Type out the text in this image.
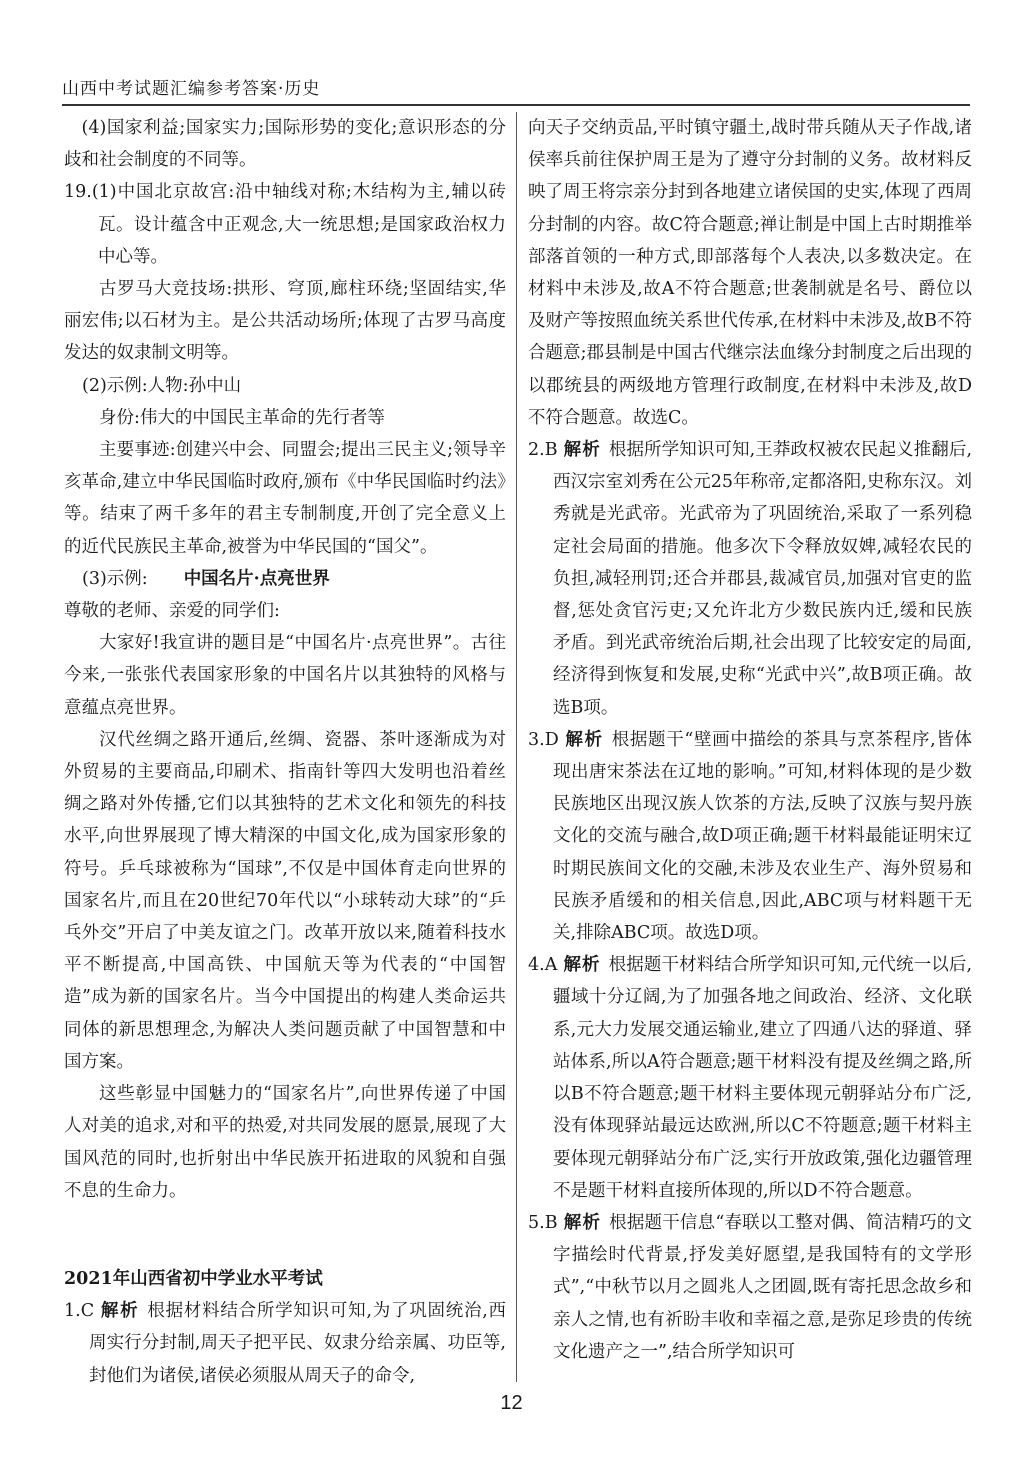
山西中考试题汇编参考答案·历史

(4)国家利益;国家实力;国际形势的变化;意识形态的分歧和社会制度的不同等。

19.(1)中国北京故宫:沿中轴线对称;木结构为主,辅以砖瓦。设计蕴含中正观念,大一统思想;是国家政治权力中心等。

古罗马大竞技场:拱形、穹顶,廊柱环绕;坚固结实,华丽宏伟;以石材为主。是公共活动场所;体现了古罗马高度发达的奴隶制文明等。

(2)示例:人物:孙中山

身份:伟大的中国民主革命的先行者等

主要事迹:创建兴中会、同盟会;提出三民主义;领导辛亥革命,建立中华民国临时政府,颁布《中华民国临时约法》等。结束了两千多年的君主专制制度,开创了完全意义上的近代民族民主革命,被誉为中华民国的“国父”。

(3)示例: 中国名片·点亮世界

尊敬的老师、亲爱的同学们:

大家好!我宣讲的题目是“中国名片·点亮世界”。古往今来,一张张代表国家形象的中国名片以其独特的风格与意蕴点亮世界。

汉代丝绸之路开通后,丝绸、瓷器、茶叶逐渐成为对外贸易的主要商品,印刷术、指南针等四大发明也沿着丝绸之路对外传播,它们以其独特的艺术文化和领先的科技水平,向世界展现了博大精深的中国文化,成为国家形象的符号。乒乓球被称为“国球”,不仅是中国体育走向世界的国家名片,而且在20世纪70年代以“小球转动大球”的“乒乓外交”开启了中美友谊之门。改革开放以来,随着科技水平不断提高,中国高铁、中国航天等为代表的“中国智造”成为新的国家名片。当今中国提出的构建人类命运共同体的新思想理念,为解决人类问题贡献了中国智慧和中国方案。

这些彰显中国魅力的“国家名片”,向世界传递了中国人对美的追求,对和平的热爱,对共同发展的愿景,展现了大国风范的同时,也折射出中华民族开拓进取的风貌和自强不息的生命力。

2021年山西省初中学业水平考试

1.C 解析 根据材料结合所学知识可知,为了巩固统治,西周实行分封制,周天子把平民、奴隶分给亲属、功臣等,封他们为诸侯,诸侯必须服从周天子的命令,

向天子交纳贡品,平时镇守疆土,战时带兵随从天子作战,诸侯率兵前往保护周王是为了遵守分封制的义务。故材料反映了周王将宗亲分封到各地建立诸侯国的史实,体现了西周分封制的内容。故C符合题意;禅让制是中国上古时期推举部落首领的一种方式,即部落每个人表决,以多数决定。在材料中未涉及,故A不符合题意;世袭制就是名号、爵位以及财产等按照血统关系世代传承,在材料中未涉及,故B不符合题意;郡县制是中国古代继宗法血缘分封制度之后出现的以郡统县的两级地方管理行政制度,在材料中未涉及,故D不符合题意。故选C。

2.B 解析 根据所学知识可知,王莽政权被农民起义推翻后,西汉宗室刘秀在公元25年称帝,定都洛阳,史称东汉。刘秀就是光武帝。光武帝为了巩固统治,采取了一系列稳定社会局面的措施。他多次下令释放奴婢,减轻农民的负担,减轻刑罚;还合并郡县,裁减官员,加强对官吏的监督,惩处贪官污吏;又允许北方少数民族内迁,缓和民族矛盾。到光武帝统治后期,社会出现了比较安定的局面,经济得到恢复和发展,史称“光武中兴”,故B项正确。故选B项。

3.D 解析 根据题干“壁画中描绘的茶具与烹茶程序,皆体现出唐宋茶法在辽地的影响。”可知,材料体现的是少数民族地区出现汉族人饮茶的方法,反映了汉族与契丹族文化的交流与融合,故D项正确;题干材料最能证明宋辽时期民族间文化的交融,未涉及农业生产、海外贸易和民族矛盾缓和的相关信息,因此,ABC项与材料题干无关,排除ABC项。故选D项。

4.A 解析 根据题干材料结合所学知识可知,元代统一以后,疆域十分辽阔,为了加强各地之间政治、经济、文化联系,元大力发展交通运输业,建立了四通八达的驿道、驿站体系,所以A符合题意;题干材料没有提及丝绸之路,所以B不符合题意;题干材料主要体现元朝驿站分布广泛,没有体现驿站最远达欧洲,所以C不符题意;题干材料主要体现元朝驿站分布广泛,实行开放政策,强化边疆管理不是题干材料直接所体现的,所以D不符合题意。

5.B 解析 根据题干信息“春联以工整对偶、简洁精巧的文字描绘时代背景,抒发美好愿望,是我国特有的文学形式”,“中秋节以月之圆兆人之团圆,既有寄托思念故乡和亲人之情,也有祈盼丰收和幸福之意,是弥足珍贵的传统文化遗产之一”,结合所学知识可

12
